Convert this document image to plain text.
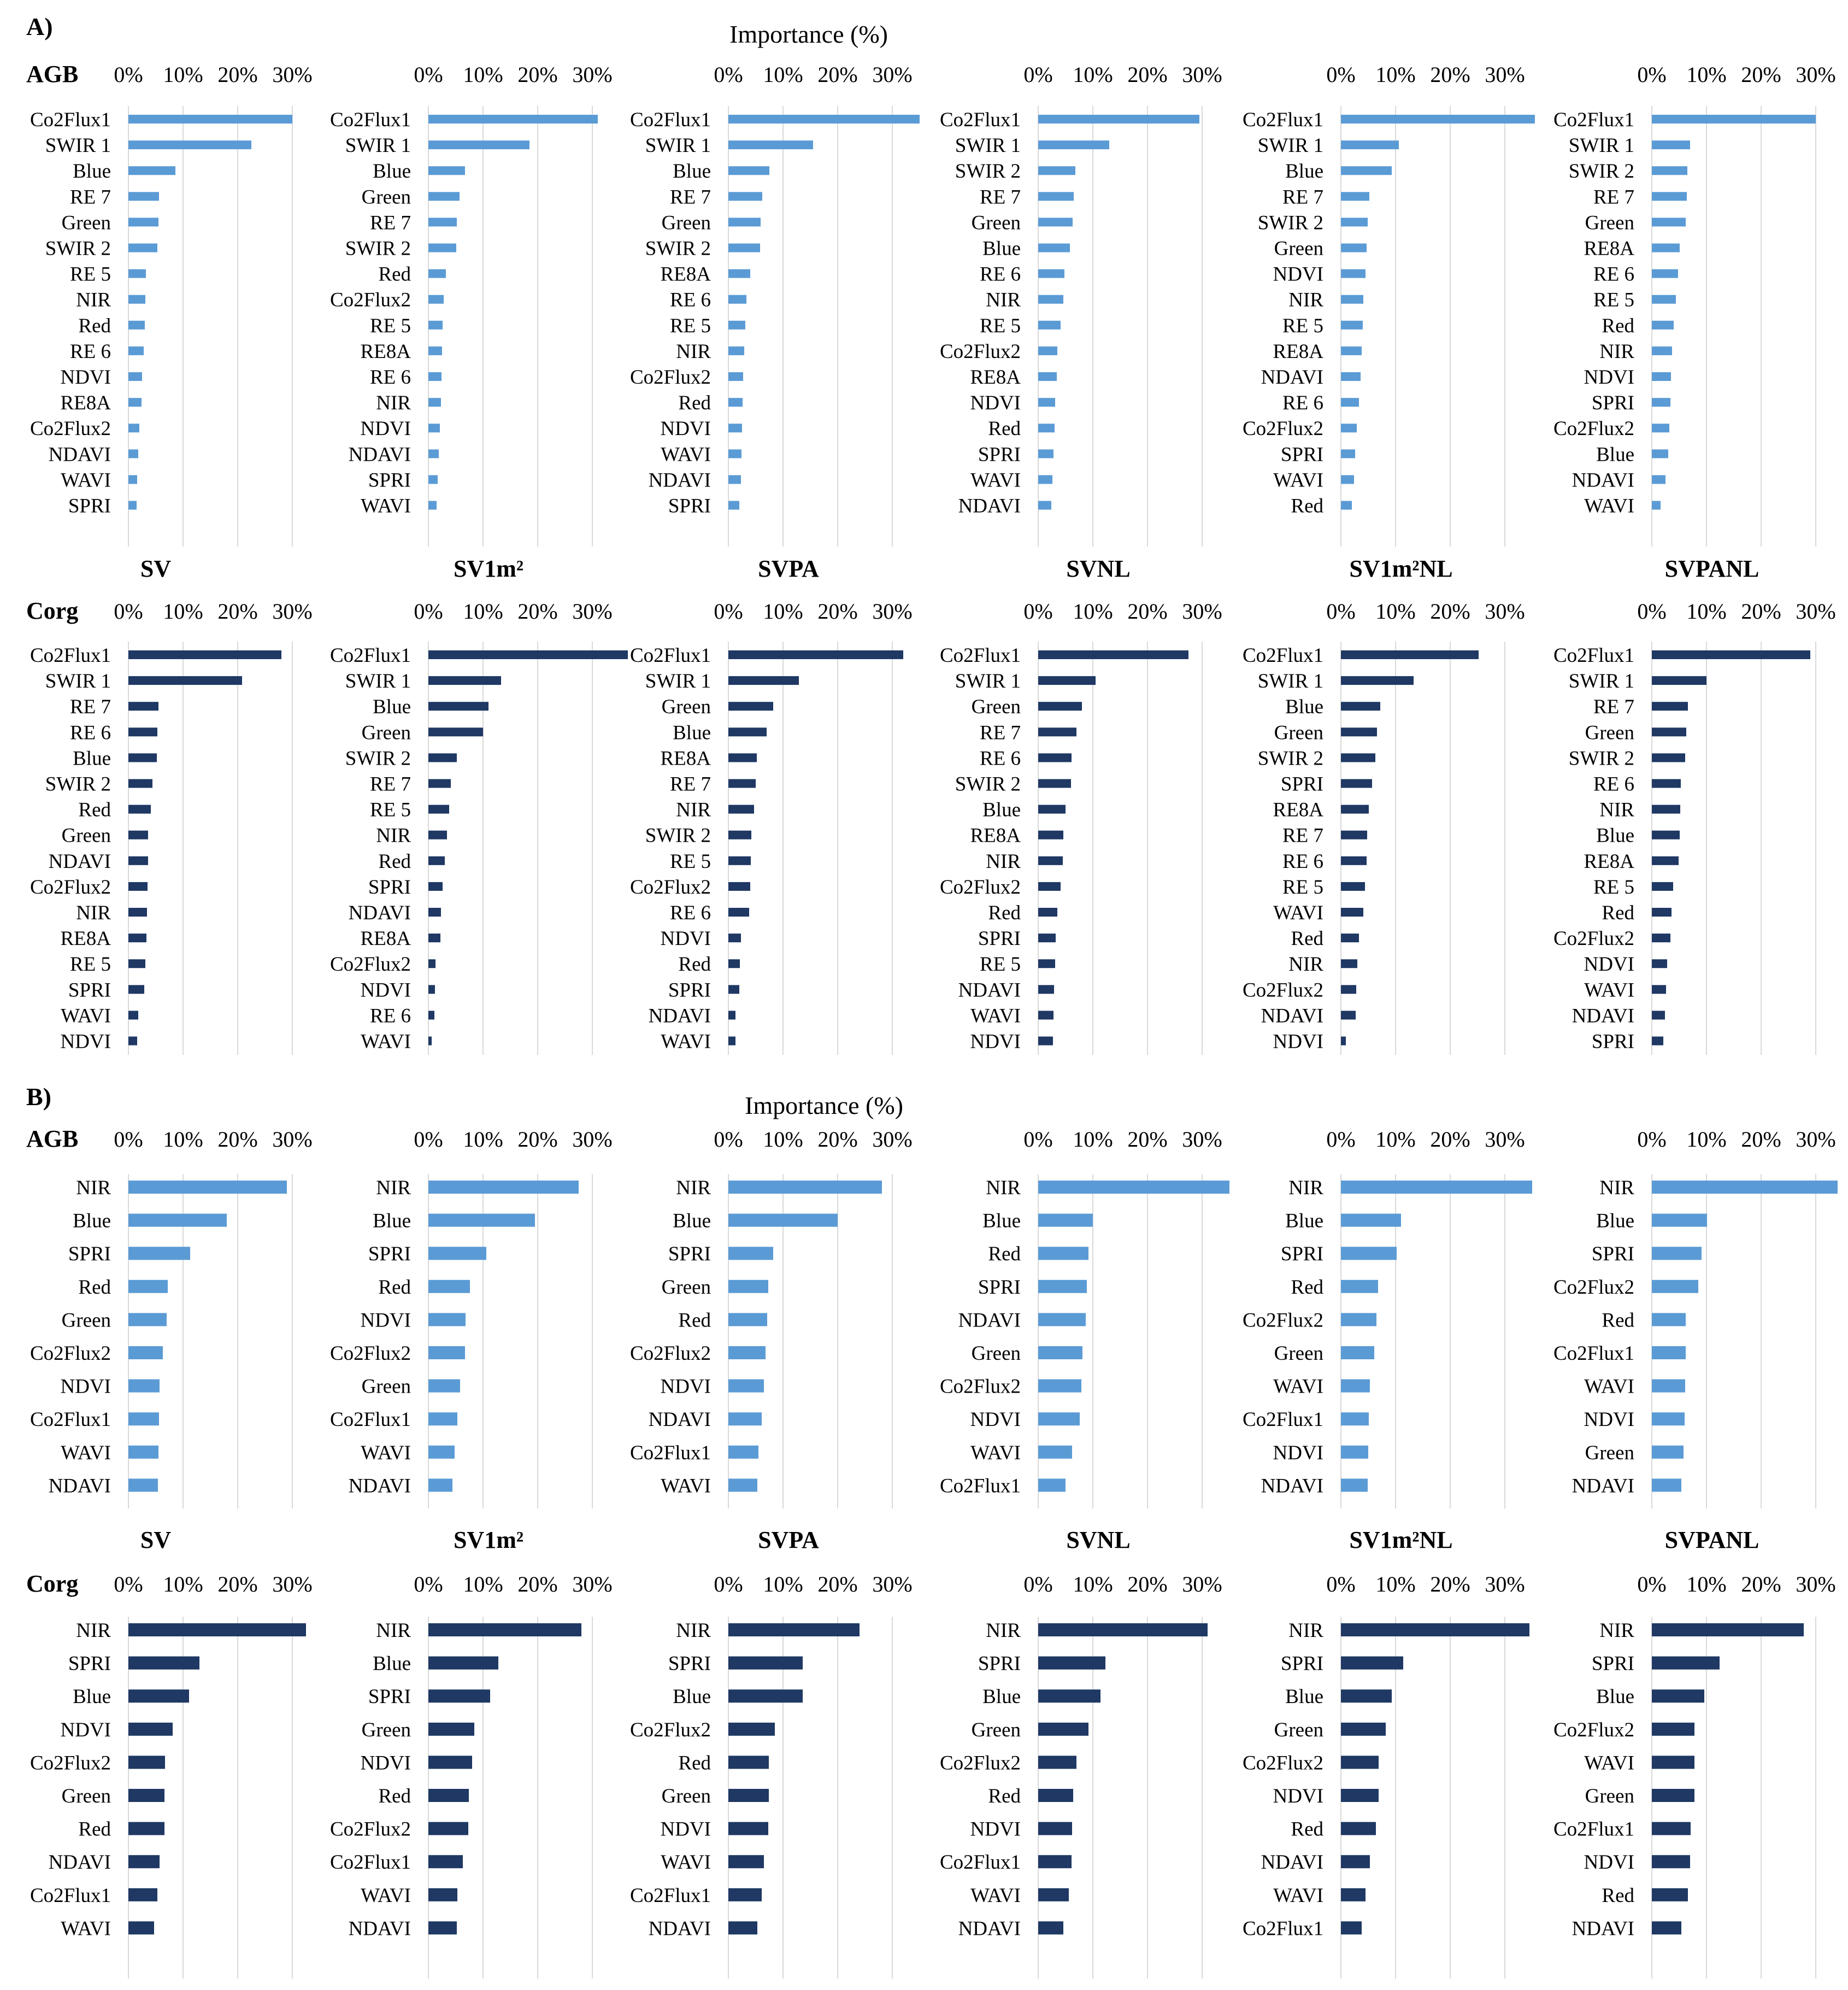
A)	Importance (%)
B)	Importance (%)
0% 10% 20% 30%
AGB
Co2Flux1
SWIR 1
Blue
RE 7
Green
SWIR 2
RE 5
NIR
Red
RE 6
NDVI
RE8A
Co2Flux2
NDAVI
WAVI
SPRI
SV
0% 10% 20% 30%
Co2Flux1
SWIR 1
Blue
Green
RE 7
SWIR 2
Red
Co2Flux2
RE 5
RE8A
RE 6
NIR
NDVI
NDAVI
SPRI
WAVI
SV1m²
0% 10% 20% 30%
Co2Flux1
SWIR 1
Blue
RE 7
Green
SWIR 2
RE8A
RE 6
RE 5
NIR
Co2Flux2
Red
NDVI
WAVI
NDAVI
SPRI
SVPA
0% 10% 20% 30%
Co2Flux1
SWIR 1
SWIR 2
RE 7
Green
Blue
RE 6
NIR
RE 5
Co2Flux2
RE8A
NDVI
Red
SPRI
WAVI
NDAVI
SVNL
0% 10% 20% 30%
Co2Flux1
SWIR 1
Blue
RE 7
SWIR 2
Green
NDVI
NIR
RE 5
RE8A
NDAVI
RE 6
Co2Flux2
SPRI
WAVI
Red
SV1m²NL
0% 10% 20% 30%
Co2Flux1
SWIR 1
SWIR 2
RE 7
Green
RE8A
RE 6
RE 5
Red
NIR
NDVI
SPRI
Co2Flux2
Blue
NDAVI
WAVI
SVPANL
0% 10% 20% 30%
Corg
Co2Flux1
SWIR 1
RE 7
RE 6
Blue
SWIR 2
Red
Green
NDAVI
Co2Flux2
NIR
RE8A
RE 5
SPRI
WAVI
NDVI
0% 10% 20% 30%
Co2Flux1
SWIR 1
Blue
Green
SWIR 2
RE 7
RE 5
NIR
Red
SPRI
NDAVI
RE8A
Co2Flux2
NDVI
RE 6
WAVI
0% 10% 20% 30%
Co2Flux1
SWIR 1
Green
Blue
RE8A
RE 7
NIR
SWIR 2
RE 5
Co2Flux2
RE 6
NDVI
Red
SPRI
NDAVI
WAVI
0% 10% 20% 30%
Co2Flux1
SWIR 1
Green
RE 7
RE 6
SWIR 2
Blue
RE8A
NIR
Co2Flux2
Red
SPRI
RE 5
NDAVI
WAVI
NDVI
0% 10% 20% 30%
Co2Flux1
SWIR 1
Blue
Green
SWIR 2
SPRI
RE8A
RE 7
RE 6
RE 5
WAVI
Red
NIR
Co2Flux2
NDAVI
NDVI
0% 10% 20% 30%
Co2Flux1
SWIR 1
RE 7
Green
SWIR 2
RE 6
NIR
Blue
RE8A
RE 5
Red
Co2Flux2
NDVI
WAVI
NDAVI
SPRI
0% 10% 20% 30%
AGB
NIR
Blue
SPRI
Red
Green
Co2Flux2
NDVI
Co2Flux1
WAVI
NDAVI
SV
0% 10% 20% 30%
NIR
Blue
SPRI
Red
NDVI
Co2Flux2
Green
Co2Flux1
WAVI
NDAVI
SV1m²
0% 10% 20% 30%
NIR
Blue
SPRI
Green
Red
Co2Flux2
NDVI
NDAVI
Co2Flux1
WAVI
SVPA
0% 10% 20% 30%
NIR
Blue
Red
SPRI
NDAVI
Green
Co2Flux2
NDVI
WAVI
Co2Flux1
SVNL
0% 10% 20% 30%
NIR
Blue
SPRI
Red
Co2Flux2
Green
WAVI
Co2Flux1
NDVI
NDAVI
SV1m²NL
0% 10% 20% 30%
NIR
Blue
SPRI
Co2Flux2
Red
Co2Flux1
WAVI
NDVI
Green
NDAVI
SVPANL
0% 10% 20% 30%
Corg
NIR
SPRI
Blue
NDVI
Co2Flux2
Green
Red
NDAVI
Co2Flux1
WAVI
0% 10% 20% 30%
NIR
Blue
SPRI
Green
NDVI
Red
Co2Flux2
Co2Flux1
WAVI
NDAVI
0% 10% 20% 30%
NIR
SPRI
Blue
Co2Flux2
Red
Green
NDVI
WAVI
Co2Flux1
NDAVI
0% 10% 20% 30%
NIR
SPRI
Blue
Green
Co2Flux2
Red
NDVI
Co2Flux1
WAVI
NDAVI
0% 10% 20% 30%
NIR
SPRI
Blue
Green
Co2Flux2
NDVI
Red
NDAVI
WAVI
Co2Flux1
0% 10% 20% 30%
NIR
SPRI
Blue
Co2Flux2
WAVI
Green
Co2Flux1
NDVI
Red
NDAVI
